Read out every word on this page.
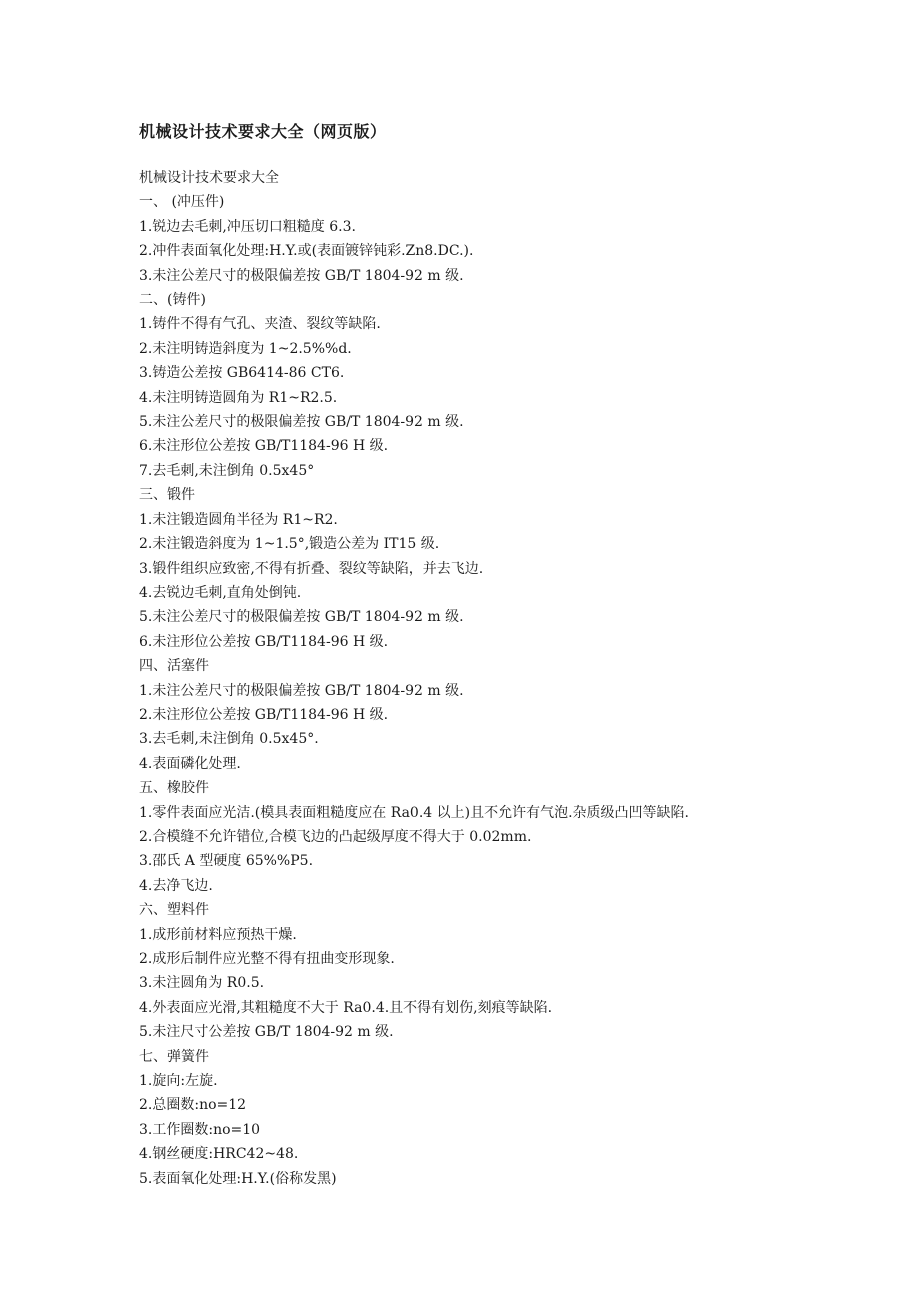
机械设计技术要求大全（网页版）
机械设计技术要求大全
一、 (冲压件)
1.锐边去毛刺,冲压切口粗糙度 6.3.
2.冲件表面氧化处理:H.Y.或(表面镀锌钝彩.Zn8.DC.).
3.未注公差尺寸的极限偏差按 GB/T 1804-92 m 级.
二、(铸件)
1.铸件不得有气孔、夹渣、裂纹等缺陷.
2.未注明铸造斜度为 1~2.5%%d.
3.铸造公差按 GB6414-86 CT6.
4.未注明铸造圆角为 R1~R2.5.
5.未注公差尺寸的极限偏差按 GB/T 1804-92 m 级.
6.未注形位公差按 GB/T1184-96 H 级.
7.去毛刺,未注倒角 0.5x45°
三、锻件
1.未注锻造圆角半径为 R1~R2.
2.未注锻造斜度为 1~1.5°,锻造公差为 IT15 级.
3.锻件组织应致密,不得有折叠、裂纹等缺陷，并去飞边.
4.去锐边毛刺,直角处倒钝.
5.未注公差尺寸的极限偏差按 GB/T 1804-92 m 级.
6.未注形位公差按 GB/T1184-96 H 级.
四、活塞件
1.未注公差尺寸的极限偏差按 GB/T 1804-92 m 级.
2.未注形位公差按 GB/T1184-96 H 级.
3.去毛刺,未注倒角 0.5x45°.
4.表面磷化处理.
五、橡胶件
1.零件表面应光洁.(模具表面粗糙度应在 Ra0.4 以上)且不允许有气泡.杂质级凸凹等缺陷.
2.合模缝不允许错位,合模飞边的凸起级厚度不得大于 0.02mm.
3.邵氏 A 型硬度 65%%P5.
4.去净飞边.
六、塑料件
1.成形前材料应预热干燥.
2.成形后制件应光整不得有扭曲变形现象.
3.未注圆角为 R0.5.
4.外表面应光滑,其粗糙度不大于 Ra0.4.且不得有划伤,刻痕等缺陷.
5.未注尺寸公差按 GB/T 1804-92 m 级.
七、弹簧件
1.旋向:左旋.
2.总圈数:no=12
3.工作圈数:no=10
4.钢丝硬度:HRC42~48.
5.表面氧化处理:H.Y.(俗称发黑)
